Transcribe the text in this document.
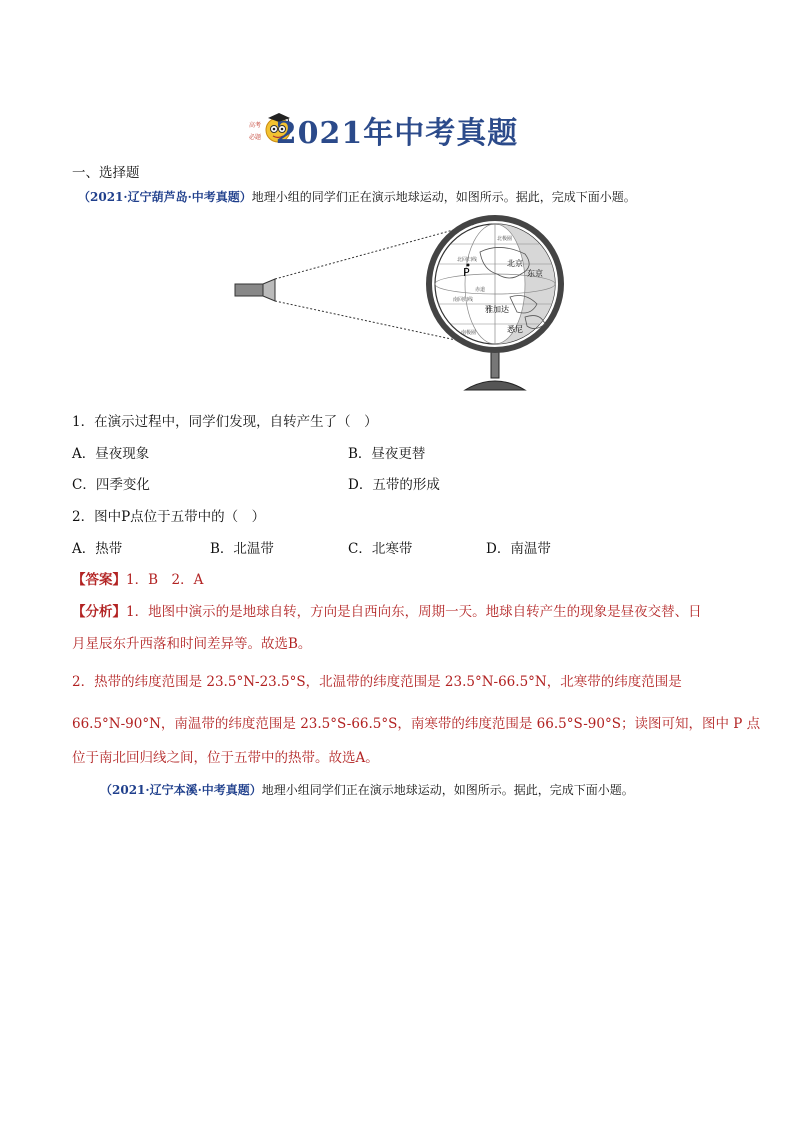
高考
必题 2021年中考真题
一、选择题
（2021·辽宁葫芦岛·中考真题）地理小组的同学们正在演示地球运动，如图所示。据此，完成下面小题。
P
北京
东京
雅加达
悉尼
北极圈
北回归线
赤道
南回归线
南极圈
1．在演示过程中，同学们发现，自转产生了（　）
A．昼夜现象	B．昼夜更替
C．四季变化	D．五带的形成
2．图中P点位于五带中的（　）
A．热带	B．北温带	C．北寒带	D．南温带
【答案】1．B　2．A
【分析】1．地图中演示的是地球自转，方向是自西向东，周期一天。地球自转产生的现象是昼夜交替、日
月星辰东升西落和时间差异等。故选B。
2．热带的纬度范围是 23.5°N-23.5°S，北温带的纬度范围是 23.5°N-66.5°N，北寒带的纬度范围是
66.5°N-90°N，南温带的纬度范围是 23.5°S-66.5°S，南寒带的纬度范围是 66.5°S-90°S；读图可知，图中 P 点
位于南北回归线之间，位于五带中的热带。故选A。
（2021·辽宁本溪·中考真题）地理小组同学们正在演示地球运动，如图所示。据此，完成下面小题。
